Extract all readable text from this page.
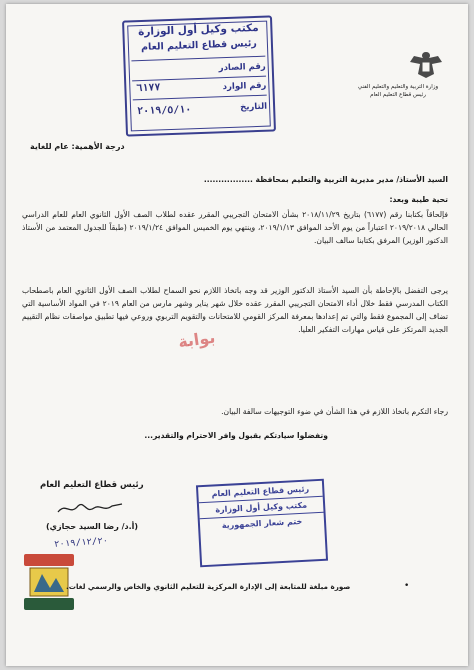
وزارة التربية والتعليم والتعليم الفني
رئيس قطاع التعليم العام
مكتب وكيل أول الوزارة
رئيس قطاع التعليم العام
رقم الصادر
رقم الوارد
٦١٧٧
التاريخ
٢٠١٩/٥/١٠
درجة الأهمية: عام للغاية
السيد الأستاذ/ مدير مديرية التربية والتعليم بمحافظة .................
تحية طيبة وبعد:
فإلحاقاً بكتابنا رقم (٦١٧٧) بتاريخ ٢٠١٨/١١/٢٩ بشأن الامتحان التجريبي المقرر عقده لطلاب الصف الأول الثانوي العام للعام الدراسي الحالي ٢٠١٩/٢٠١٨ اعتباراً من يوم الأحد الموافق ٢٠١٩/١/١٣، وينتهي يوم الخميس الموافق ٢٠١٩/١/٢٤ (طبقاً للجدول المعتمد من الأستاذ الدكتور الوزير) المرفق بكتابنا سالف البيان.
يرجى التفضل بالإحاطة بأن السيد الأستاذ الدكتور الوزير قد وجه باتخاذ اللازم نحو السماح لطلاب الصف الأول الثانوي العام باصطحاب الكتاب المدرسي فقط خلال أداء الامتحان التجريبي المقرر عقده خلال شهر يناير وشهر مارس من العام ٢٠١٩ في المواد الأساسية التي تضاف إلى المجموع فقط والتي تم إعدادها بمعرفة المركز القومي للامتحانات والتقويم التربوي وروعي فيها تطبيق مواصفات نظام التقييم الجديد المرتكز على قياس مهارات التفكير العليا.
رجاء التكرم باتخاذ اللازم في هذا الشأن في ضوء التوجيهات سالفة البيان.
وتفضلوا سيادتكم بقبول وافر الاحترام والتقدير...
بوابة
رئيس قطاع التعليم العام
(أ.د/ رضا السيد حجازي)
٢٠١٩/١٢/٢٠
رئيس قطاع التعليم العام
مكتب وكيل أول الوزارة
ختم شعار الجمهورية
•
صورة مبلغة للمتابعة إلى الإدارة المركزية للتعليم الثانوي والخاص والرسمي لغات.
